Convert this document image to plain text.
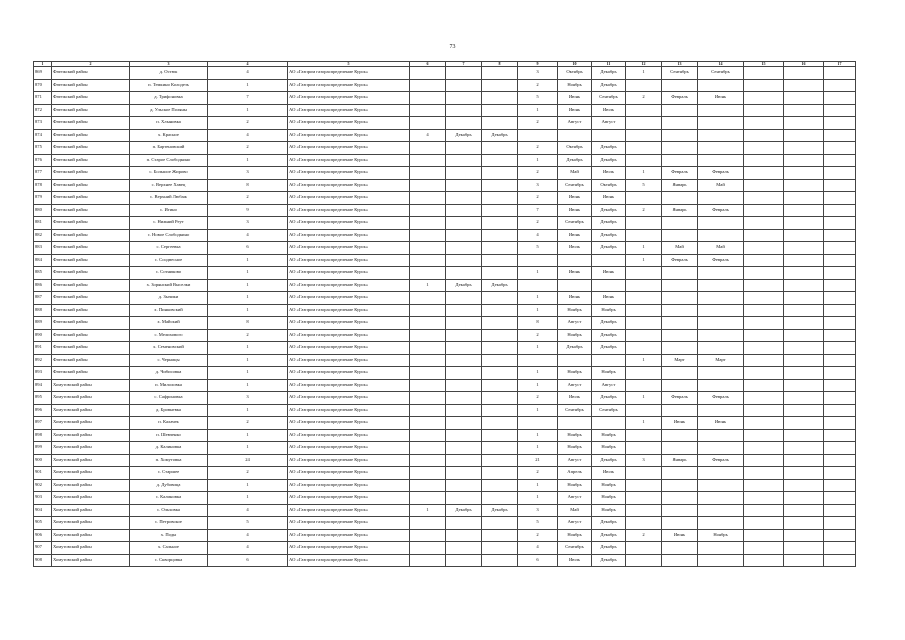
73
1	2	3	4	5	6	7	8	9	10	11	12	13	14	15	16	17
869	Фатежский район	д. Остюк	4	АО «Газпром газораспределение Курск»				3	Октябрь	Декабрь	1	Сентябрь	Сентябрь			
870	Фатежский район	п. Темкино Колодезь	1	АО «Газпром газораспределение Курск»				2	Ноябрь	Декабрь						
871	Фатежский район	д. Трифоновка	7	АО «Газпром газораспределение Курск»				5	Июнь	Сентябрь	2	Февраль	Июнь			
872	Фатежский район	д. Ульское Поляны	1	АО «Газпром газораспределение Курск»				1	Июнь	Июль						
873	Фатежский район	п. Хлыновка	2	АО «Газпром газораспределение Курск»				2	Август	Август						
874	Фатежский район	х. Красное	4	АО «Газпром газораспределение Курск»	4	Декабрь	Декабрь									
875	Фатежский район	п. Бартеновский	2	АО «Газпром газораспределение Курск»				2	Октябрь	Декабрь						
876	Фатежский район	п. Старое Слободкино	1	АО «Газпром газораспределение Курск»				1	Декабрь	Декабрь						
877	Фатежский район	с. Большое Жирово	3	АО «Газпром газораспределение Курск»				2	Май	Июль	1	Февраль	Февраль			
878	Фатежский район	с. Верхнее Хавец	8	АО «Газпром газораспределение Курск»				3	Сентябрь	Октябрь	5	Январь	Май			
879	Фатежский район	с. Верхний Любаж	2	АО «Газпром газораспределение Курск»				2	Июнь	Июнь						
880	Фатежский район	с. Игино	9	АО «Газпром газораспределение Курск»				7	Июнь	Декабрь	2	Январь	Февраль			
881	Фатежский район	с. Нижний Реут	3	АО «Газпром газораспределение Курск»				2	Сентябрь	Декабрь						
882	Фатежский район	с. Новое Слободкино	4	АО «Газпром газораспределение Курск»				4	Июнь	Декабрь						
883	Фатежский район	с. Сергеевка	6	АО «Газпром газораспределение Курск»				5	Июль	Декабрь	1	Май	Май			
884	Фатежский район	с. Соодвесное	1	АО «Газпром газораспределение Курск»							1	Февраль	Февраль			
885	Фатежский район	с. Сотниково	1	АО «Газпром газораспределение Курск»				1	Июнь	Июнь						
886	Фатежский район	х. Зорянский Выселки	1	АО «Газпром газораспределение Курск»	1	Декабрь	Декабрь									
887	Фатежский район	д. Зычики	1	АО «Газпром газораспределение Курск»				1	Июнь	Июнь						
888	Фатежский район	х. Пинковский	1	АО «Газпром газораспределение Курск»				1	Ноябрь	Ноябрь						
889	Фатежский район	х. Майский	8	АО «Газпром газораспределение Курск»				8	Август	Декабрь						
890	Фатежский район	с. Мелихового	2	АО «Газпром газораспределение Курск»				2	Ноябрь	Декабрь						
891	Фатежский район	х. Семеновский	1	АО «Газпром газораспределение Курск»				1	Декабрь	Декабрь						
892	Фатежский район	с. Черницы	1	АО «Газпром газораспределение Курск»							1	Март	Март			
893	Фатежский район	д. Чибисовка	1	АО «Газпром газораспределение Курск»				1	Ноябрь	Ноябрь						
894	Хомутовский район	п. Милоловка	1	АО «Газпром газораспределение Курск»				1	Август	Август						
895	Хомутовский район	с. Сафроновка	3	АО «Газпром газораспределение Курск»				2	Июль	Декабрь	1	Февраль	Февраль			
896	Хомутовский район	д. Бровневка	1	АО «Газпром газораспределение Курск»				1	Сентябрь	Сентябрь						
897	Хомутовский район	п. Калачек	2	АО «Газпром газораспределение Курск»							1	Июнь	Июнь			
898	Хомутовский район	п. Шевченко	1	АО «Газпром газораспределение Курск»				1	Ноябрь	Ноябрь						
899	Хомутовский район	д. Калиновка	1	АО «Газпром газораспределение Курск»				1	Ноябрь	Ноябрь						
900	Хомутовский район	п. Хомутовка	24	АО «Газпром газораспределение Курск»				21	Август	Декабрь	3	Январь	Февраль			
901	Хомутовский район	с. Старшее	2	АО «Газпром газораспределение Курск»				2	Апрель	Июль						
902	Хомутовский район	д. Дубовица	1	АО «Газпром газораспределение Курск»				1	Ноябрь	Ноябрь						
903	Хомутовский район	с. Калиновка	1	АО «Газпром газораспределение Курск»				1	Август	Ноябрь						
904	Хомутовский район	с. Ольховка	4	АО «Газпром газораспределение Курск»	1	Декабрь	Декабрь	3	Май	Ноябрь						
905	Хомутовский район	с. Петровское	5	АО «Газпром газораспределение Курск»				5	Август	Декабрь						
906	Хомутовский район	х. Поды	4	АО «Газпром газораспределение Курск»				2	Ноябрь	Декабрь	2	Июнь	Ноябрь			
907	Хомутовский район	х. Сальное	4	АО «Газпром газораспределение Курск»				4	Сентябрь	Декабрь						
908	Хомутовский район	с. Скворцовка	6	АО «Газпром газораспределение Курск»				6	Июль	Декабрь						
